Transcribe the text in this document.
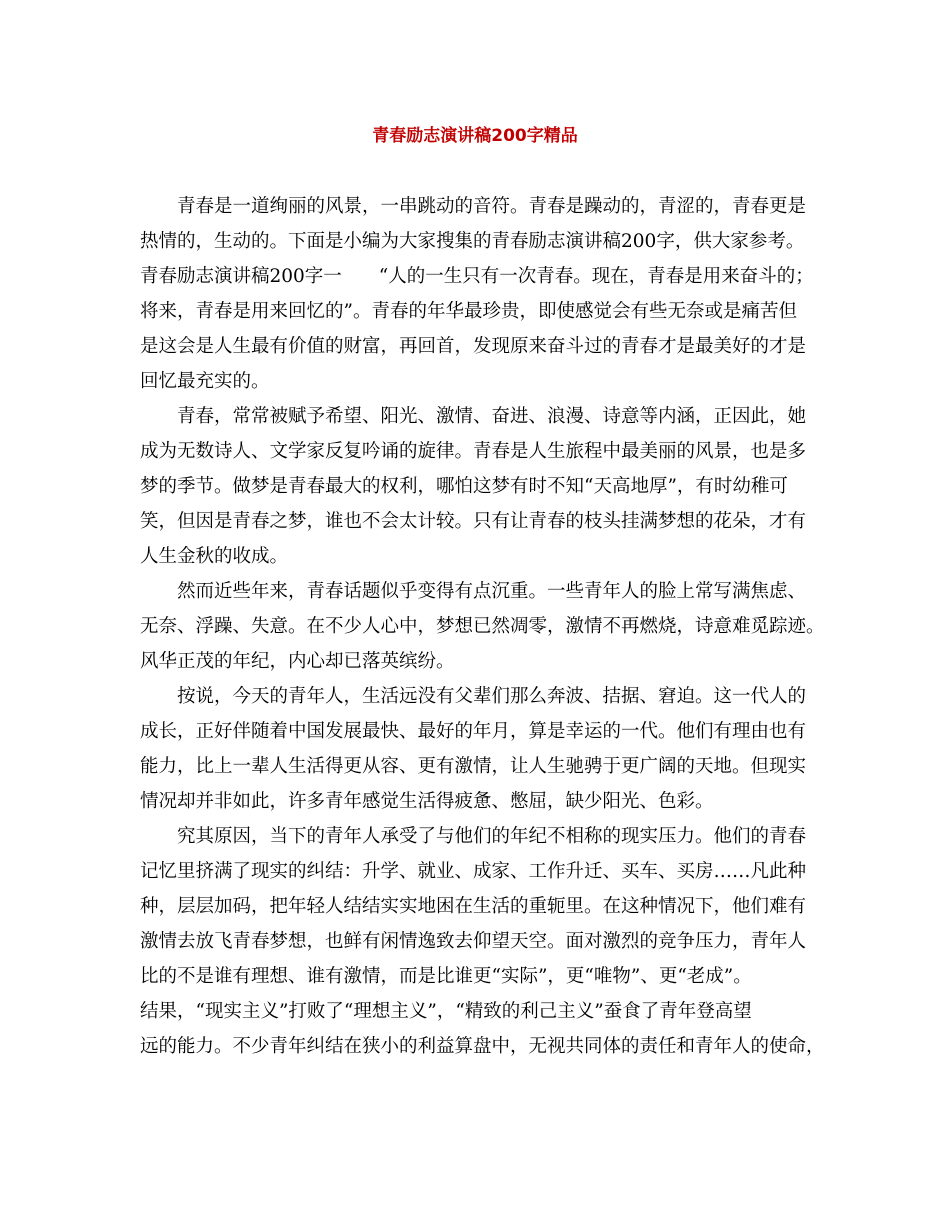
青春励志演讲稿200字精品

　　青春是一道绚丽的风景，一串跳动的音符。青春是躁动的，青涩的，青春更是
热情的，生动的。下面是小编为大家搜集的青春励志演讲稿200字，供大家参考。
青春励志演讲稿200字一　　“人的一生只有一次青春。现在，青春是用来奋斗的；
将来，青春是用来回忆的”。青春的年华最珍贵，即使感觉会有些无奈或是痛苦但
是这会是人生最有价值的财富，再回首，发现原来奋斗过的青春才是最美好的才是
回忆最充实的。

　　青春，常常被赋予希望、阳光、激情、奋进、浪漫、诗意等内涵，正因此，她
成为无数诗人、文学家反复吟诵的旋律。青春是人生旅程中最美丽的风景，也是多
梦的季节。做梦是青春最大的权利，哪怕这梦有时不知“天高地厚”，有时幼稚可
笑，但因是青春之梦，谁也不会太计较。只有让青春的枝头挂满梦想的花朵，才有
人生金秋的收成。

　　然而近些年来，青春话题似乎变得有点沉重。一些青年人的脸上常写满焦虑、
无奈、浮躁、失意。在不少人心中，梦想已然凋零，激情不再燃烧，诗意难觅踪迹。
风华正茂的年纪，内心却已落英缤纷。

　　按说，今天的青年人，生活远没有父辈们那么奔波、拮据、窘迫。这一代人的
成长，正好伴随着中国发展最快、最好的年月，算是幸运的一代。他们有理由也有
能力，比上一辈人生活得更从容、更有激情，让人生驰骋于更广阔的天地。但现实
情况却并非如此，许多青年感觉生活得疲惫、憋屈，缺少阳光、色彩。

　　究其原因，当下的青年人承受了与他们的年纪不相称的现实压力。他们的青春
记忆里挤满了现实的纠结：升学、就业、成家、工作升迁、买车、买房……凡此种
种，层层加码，把年轻人结结实实地困在生活的重轭里。在这种情况下，他们难有
激情去放飞青春梦想，也鲜有闲情逸致去仰望天空。面对激烈的竞争压力，青年人
比的不是谁有理想、谁有激情，而是比谁更“实际”，更“唯物”、更“老成”。
结果，“现实主义”打败了“理想主义”，“精致的利己主义”蚕食了青年登高望
远的能力。不少青年纠结在狭小的利益算盘中，无视共同体的责任和青年人的使命，
